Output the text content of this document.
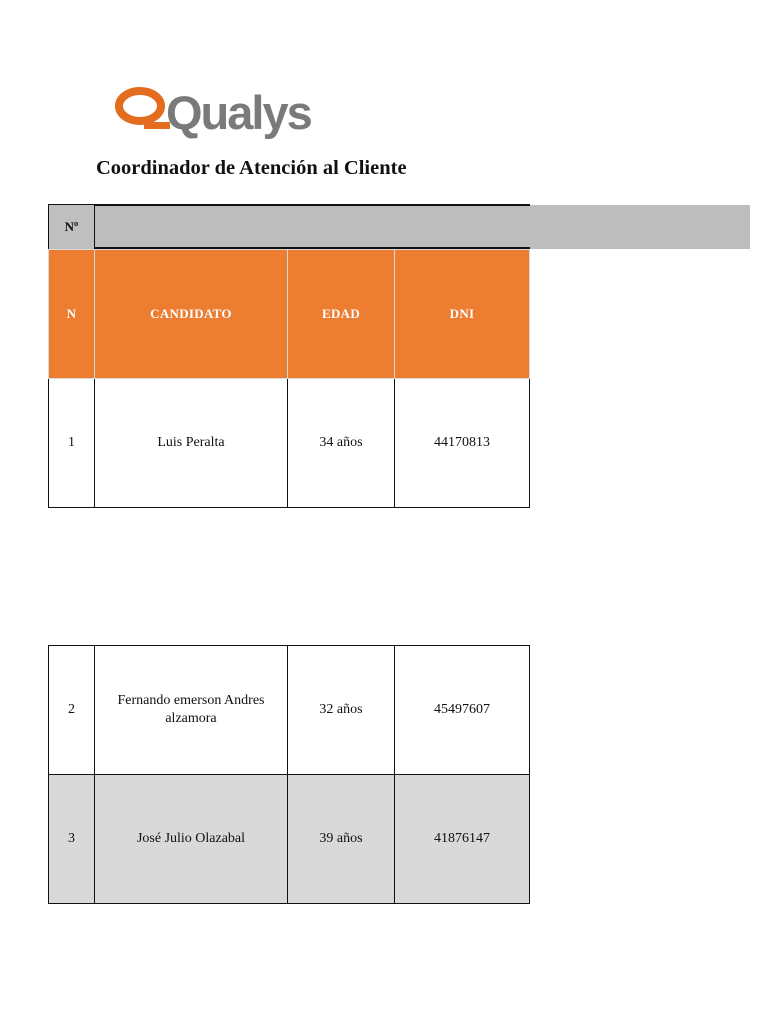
Qualys
Coordinador de Atención al Cliente
Nº
N	CANDIDATO	EDAD	DNI
1	Luis Peralta	34 años	44170813
2	Fernando emerson Andres alzamora	32 años	45497607
3	José Julio Olazabal	39 años	41876147
